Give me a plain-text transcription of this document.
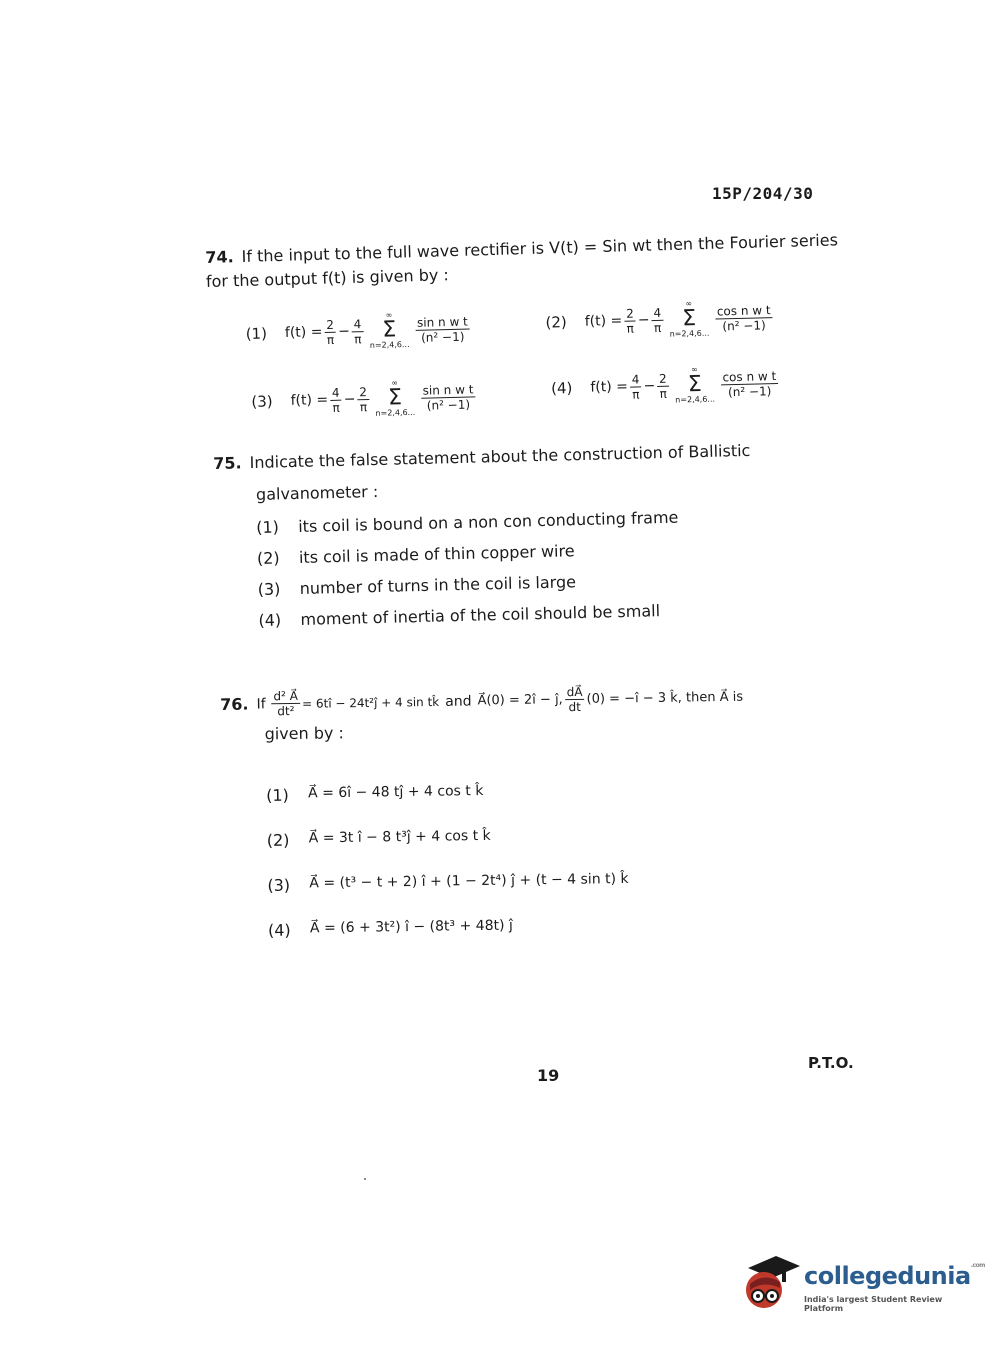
15P/204/30
74. If the input to the full wave rectifier is V(t) = Sin wt then the Fourier series for the output f(t) is given by :
(1) $f(t) = \frac{2}{\pi} - \frac{4}{\pi}$
∞
Σ
n=2,4,6...
$\frac{\text{sin n w t}}{\text{(n² −1)}}$	(2) $f(t) = \frac{2}{\pi} - \frac{4}{\pi}$
∞
Σ
n=2,4,6...
$\frac{\text{cos n w t}}{\text{(n² −1)}}$
(3) $f(t) = \frac{4}{\pi} - \frac{2}{\pi}$
∞
Σ
n=2,4,6...
$\frac{\text{sin n w t}}{\text{(n² −1)}}$	(4) $f(t) = \frac{4}{\pi} - \frac{2}{\pi}$
∞
Σ
n=2,4,6...
$\frac{\text{cos n w t}}{\text{(n² −1)}}$
75. Indicate the false statement about the construction of Ballistic
galvanometer :
(1)	its coil is bound on a non con conducting frame
(2)	its coil is made of thin copper wire
(3)	number of turns in the coil is large
(4)	moment of inertia of the coil should be small
76. If $\frac{\text{d² A⃗}}{\text{dt²}}$ = 6tî − 24t²ĵ + 4 sin tk̂ and A⃗(0) = 2î − ĵ, $\frac{dA⃗}{dt} (0)$ = −î − 3 k̂, then A⃗ is
given by :
(1)	A⃗ = 6î − 48 tĵ + 4 cos t k̂
(2)	A⃗ = 3t î − 8 t³ĵ + 4 cos t k̂
(3)	A⃗ = (t³ − t + 2) î + (1 − 2t⁴) ĵ + (t − 4 sin t) k̂
(4)	A⃗ = (6 + 3t²) î − (8t³ + 48t) ĵ
19
P.T.O.
collegedunia$^{.com}$
India's largest Student Review Platform
